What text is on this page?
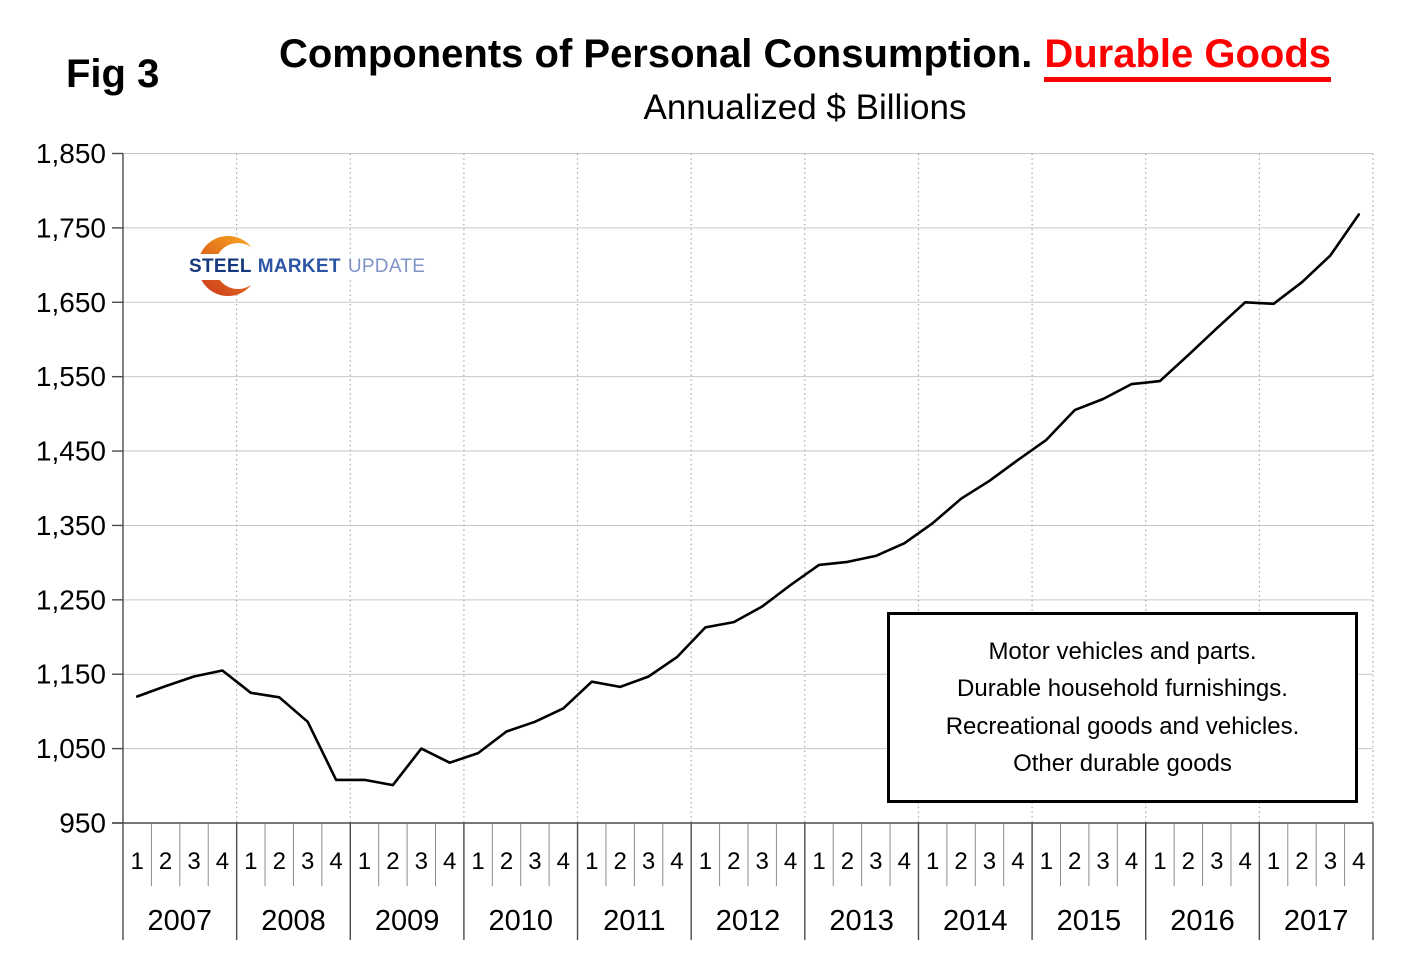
Fig 3	Components of Personal Consumption. Durable Goods
Annualized $ Billions
1,850
1,750
1,650
1,550
1,450
1,350
1,250
1,150
1,050
950
1 2 3 4 1 2 3 4 1 2 3 4 1 2 3 4 1 2 3 4 1 2 3 4 1 2 3 4 1 2 3 4 1 2 3 4 1 2 3 4 1 2 3 4
2007 2008 2009 2010 2011 2012 2013 2014 2015 2016 2017
STEEL MARKET UPDATE
Motor vehicles and parts.
Durable household furnishings.
Recreational goods and vehicles.
Other durable goods
